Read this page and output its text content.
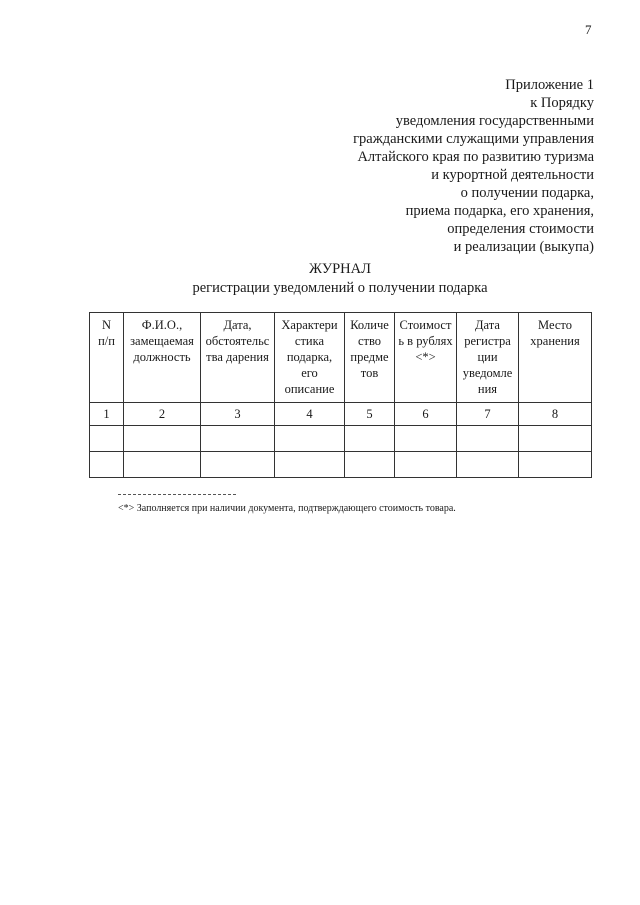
7
Приложение 1
к Порядку
уведомления государственными
гражданскими служащими управления
Алтайского края по развитию туризма
и курортной деятельности
о получении подарка,
приема подарка, его хранения,
определения стоимости
и реализации (выкупа)
ЖУРНАЛ
регистрации уведомлений о получении подарка
N
п/п	Ф.И.О.,
замещаемая
должность	Дата,
обстоятельс
тва дарения	Характери
стика
подарка,
его
описание	Количе
ство
предме
тов	Стоимост
ь в рублях
<*>	Дата
регистра
ции
уведомле
ния	Место
хранения

1	2	3	4	5	6	7	8

<*> Заполняется при наличии документа, подтверждающего стоимость товара.
